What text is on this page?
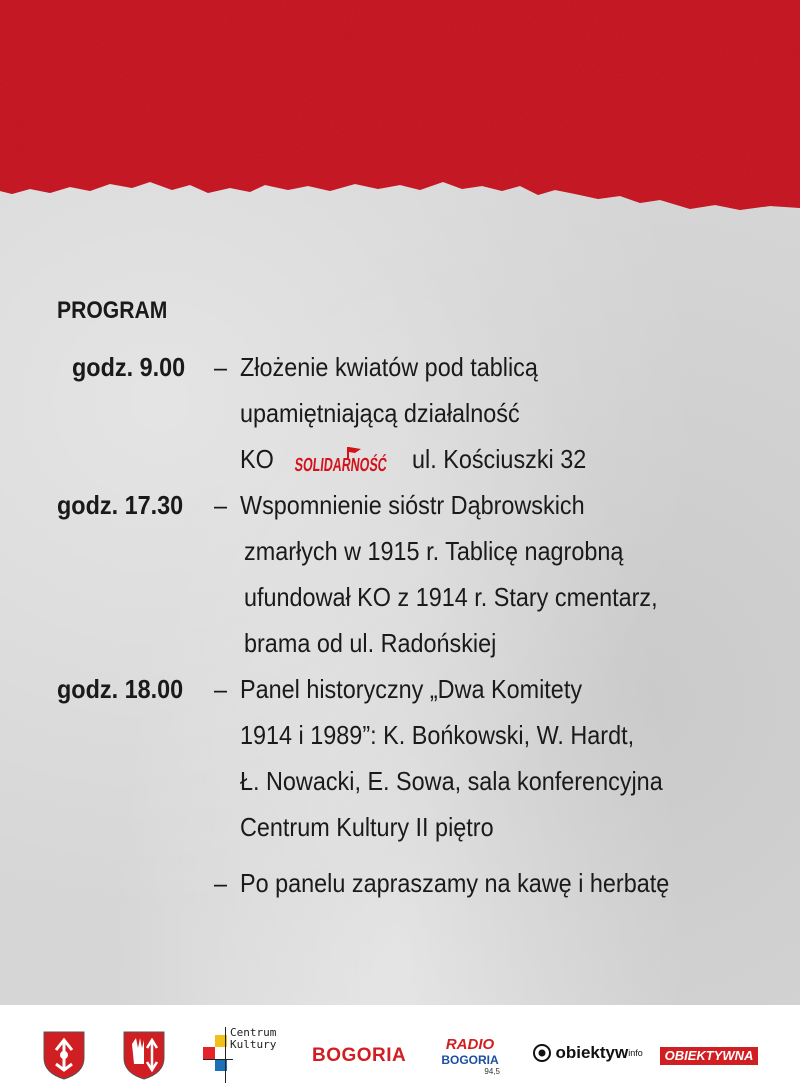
PROGRAM
godz. 9.00	– Złożenie kwiatów pod tablicą
upamiętniającą działalność
KO SOLIDARNOŚĆ
ul. Kościuszki 32
godz. 17.30	– Wspomnienie sióstr Dąbrowskich
zmarłych w 1915 r. Tablicę nagrobną
ufundował KO z 1914 r. Stary cmentarz,
brama od ul. Radońskiej
godz. 18.00	– Panel historyczny „Dwa Komitety
1914 i 1989”: K. Bońkowski, W. Hardt,
Ł. Nowacki, E. Sowa, sala konferencyjna
Centrum Kultury II piętro
– Po panelu zapraszamy na kawę i herbatę
Centrum Kultury
BOGORIA
RADIO
BOGORIA
94,5
obiektywinfo	OBIEKTYWNA
